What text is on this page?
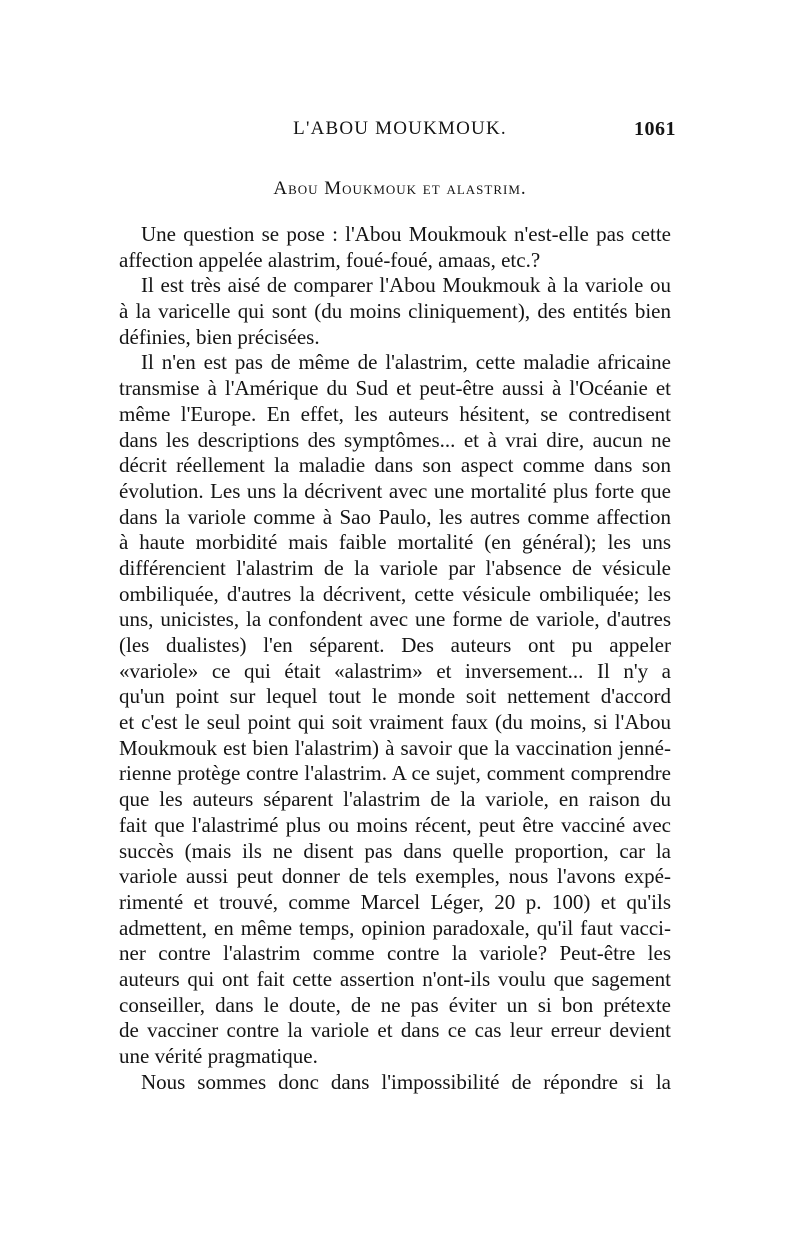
L'ABOU MOUKMOUK.	1061
Abou Moukmouk et alastrim.
Une question se pose : l'Abou Moukmouk n'est-elle pas cette
affection appelée alastrim, foué-foué, amaas, etc.?
Il est très aisé de comparer l'Abou Moukmouk à la variole ou
à la varicelle qui sont (du moins cliniquement), des entités bien
définies, bien précisées.
Il n'en est pas de même de l'alastrim, cette maladie africaine
transmise à l'Amérique du Sud et peut-être aussi à l'Océanie et
même l'Europe. En effet, les auteurs hésitent, se contredisent
dans les descriptions des symptômes... et à vrai dire, aucun ne
décrit réellement la maladie dans son aspect comme dans son
évolution. Les uns la décrivent avec une mortalité plus forte que
dans la variole comme à Sao Paulo, les autres comme affection
à haute morbidité mais faible mortalité (en général); les uns
différencient l'alastrim de la variole par l'absence de vésicule
ombiliquée, d'autres la décrivent, cette vésicule ombiliquée; les
uns, unicistes, la confondent avec une forme de variole, d'autres
(les dualistes) l'en séparent. Des auteurs ont pu appeler
«variole» ce qui était «alastrim» et inversement... Il n'y a
qu'un point sur lequel tout le monde soit nettement d'accord
et c'est le seul point qui soit vraiment faux (du moins, si l'Abou
Moukmouk est bien l'alastrim) à savoir que la vaccination jenné-
rienne protège contre l'alastrim. A ce sujet, comment comprendre
que les auteurs séparent l'alastrim de la variole, en raison du
fait que l'alastrimé plus ou moins récent, peut être vacciné avec
succès (mais ils ne disent pas dans quelle proportion, car la
variole aussi peut donner de tels exemples, nous l'avons expé-
rimenté et trouvé, comme Marcel Léger, 20 p. 100) et qu'ils
admettent, en même temps, opinion paradoxale, qu'il faut vacci-
ner contre l'alastrim comme contre la variole? Peut-être les
auteurs qui ont fait cette assertion n'ont-ils voulu que sagement
conseiller, dans le doute, de ne pas éviter un si bon prétexte
de vacciner contre la variole et dans ce cas leur erreur devient
une vérité pragmatique.
Nous sommes donc dans l'impossibilité de répondre si la
